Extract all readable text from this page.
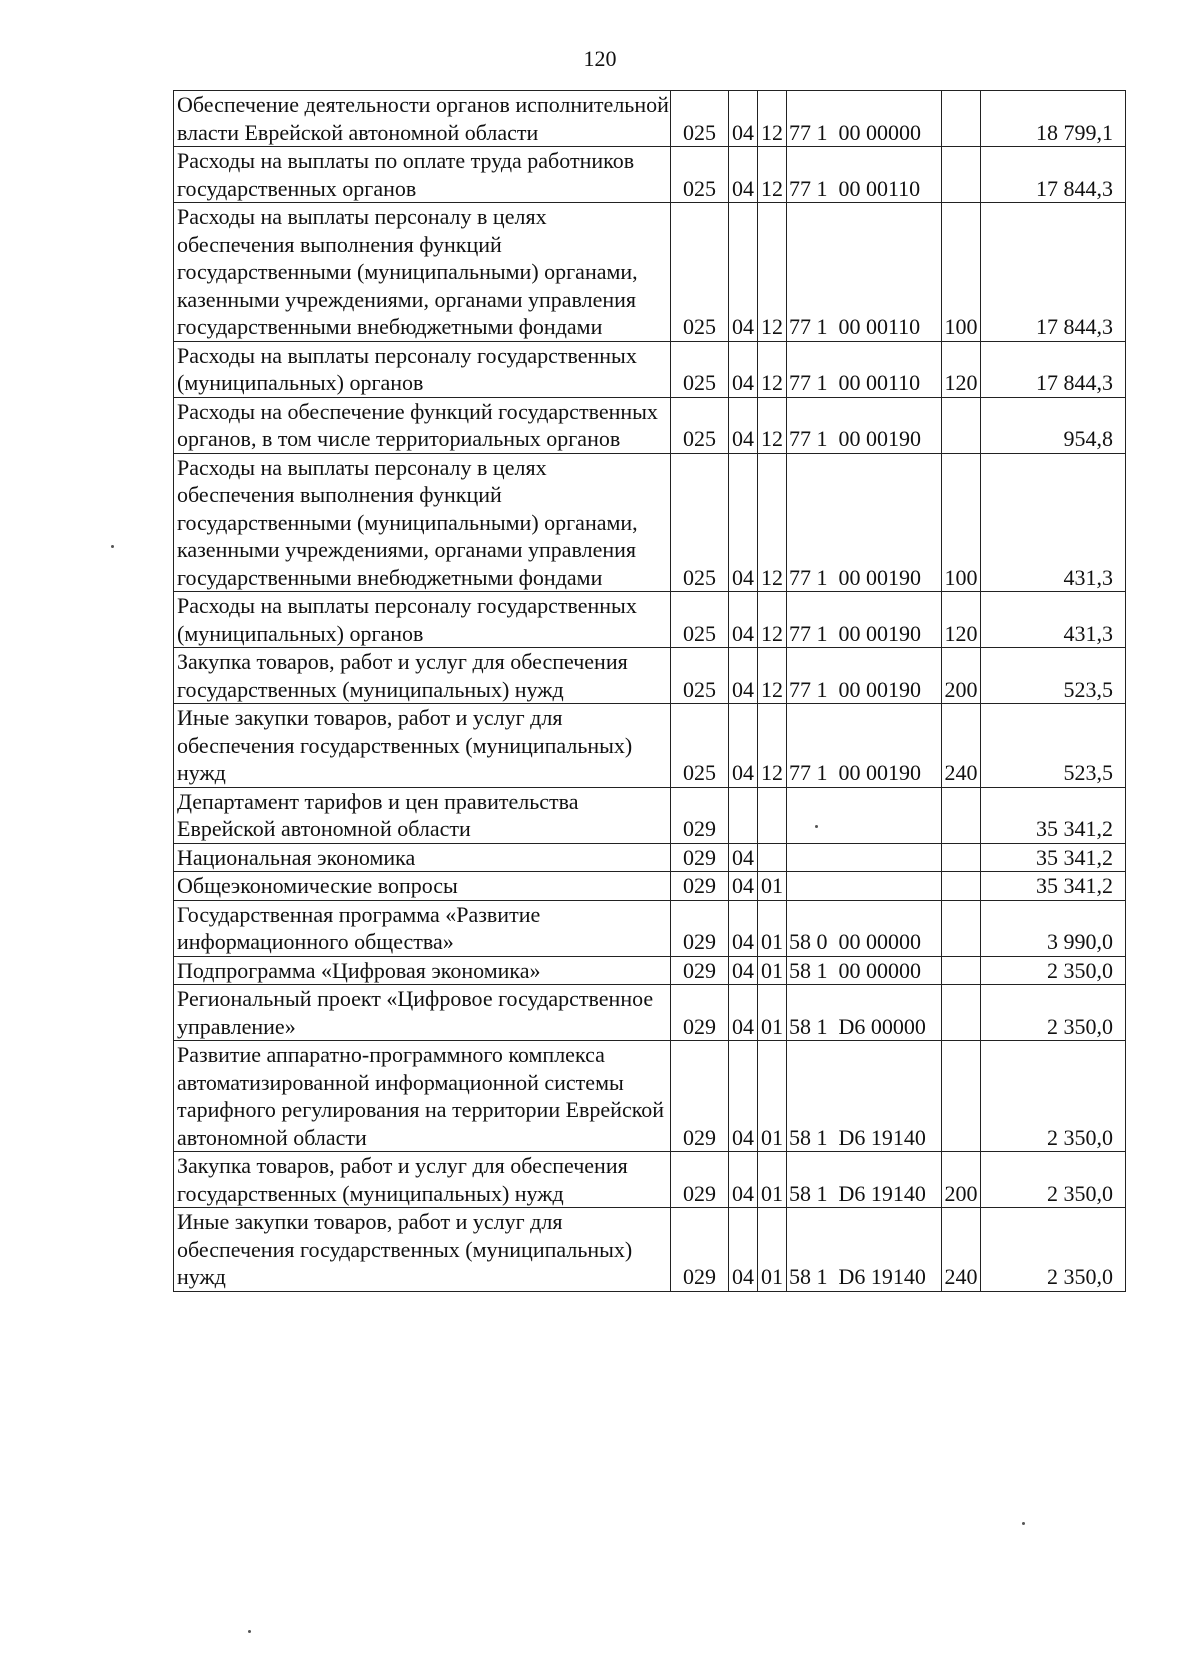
120
Обеспечение деятельности органов исполнительной власти Еврейской автономной области	025	04	12	77 1  00 00000		18 799,1
Расходы на выплаты по оплате труда работников государственных органов	025	04	12	77 1  00 00110		17 844,3
Расходы на выплаты персоналу в целях обеспечения выполнения функций государственными (муниципальными) органами, казенными учреждениями, органами управления государственными внебюджетными фондами	025	04	12	77 1  00 00110	100	17 844,3
Расходы на выплаты персоналу государственных (муниципальных) органов	025	04	12	77 1  00 00110	120	17 844,3
Расходы на обеспечение функций государственных органов, в том числе территориальных органов	025	04	12	77 1  00 00190		954,8
Расходы на выплаты персоналу в целях обеспечения выполнения функций государственными (муниципальными) органами, казенными учреждениями, органами управления государственными внебюджетными фондами	025	04	12	77 1  00 00190	100	431,3
Расходы на выплаты персоналу государственных (муниципальных) органов	025	04	12	77 1  00 00190	120	431,3
Закупка товаров, работ и услуг для обеспечения государственных (муниципальных) нужд	025	04	12	77 1  00 00190	200	523,5
Иные закупки товаров, работ и услуг для обеспечения государственных (муниципальных) нужд	025	04	12	77 1  00 00190	240	523,5
Департамент тарифов и цен правительства Еврейской автономной области	029					35 341,2
Национальная экономика	029	04				35 341,2
Общеэкономические вопросы	029	04	01			35 341,2
Государственная программа «Развитие информационного общества»	029	04	01	58 0  00 00000		3 990,0
Подпрограмма «Цифровая экономика»	029	04	01	58 1  00 00000		2 350,0
Региональный проект «Цифровое государственное управление»	029	04	01	58 1  D6 00000		2 350,0
Развитие аппаратно-программного комплекса автоматизированной информационной системы тарифного регулирования на территории Еврейской автономной области	029	04	01	58 1  D6 19140		2 350,0
Закупка товаров, работ и услуг для обеспечения государственных (муниципальных) нужд	029	04	01	58 1  D6 19140	200	2 350,0
Иные закупки товаров, работ и услуг для обеспечения государственных (муниципальных) нужд	029	04	01	58 1  D6 19140	240	2 350,0
